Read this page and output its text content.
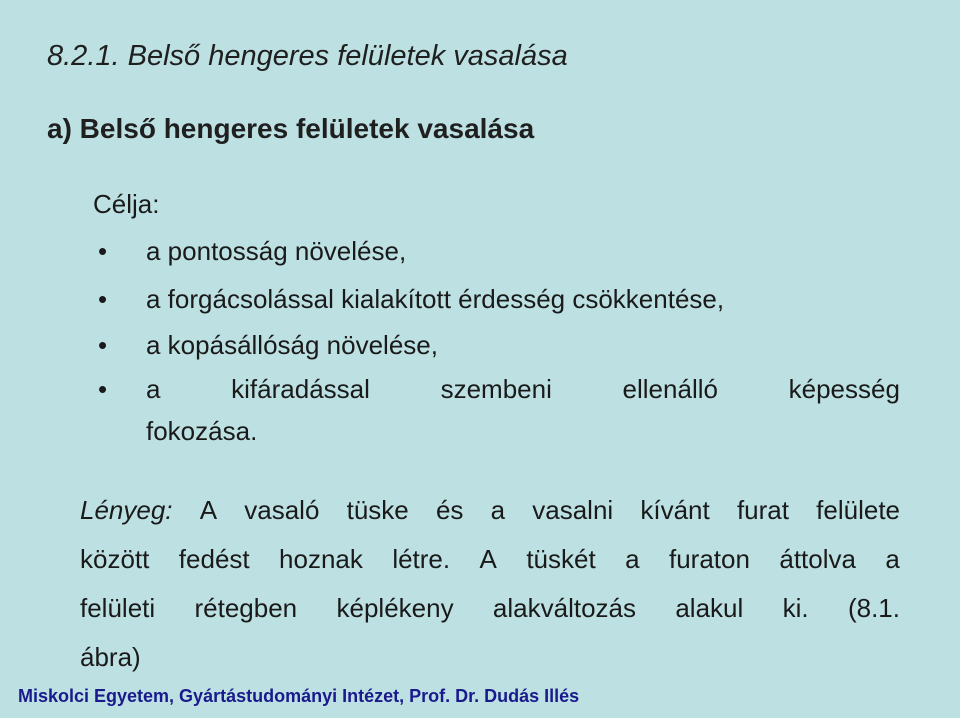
8.2.1. Belső hengeres felületek vasalása
a) Belső hengeres felületek vasalása
Célja:
• a pontosság növelése,
• a forgácsolással kialakított érdesség csökkentése,
• a kopásállóság növelése,
• a	kifáradással	szembeni	ellenálló	képesség
fokozása.
Lényeg: A vasaló tüske és a vasalni kívánt furat felülete
között fedést hoznak létre. A tüskét a furaton áttolva a
felületi rétegben képlékeny alakváltozás alakul ki. (8.1.
ábra)
Miskolci Egyetem, Gyártástudományi Intézet, Prof. Dr. Dudás Illés
